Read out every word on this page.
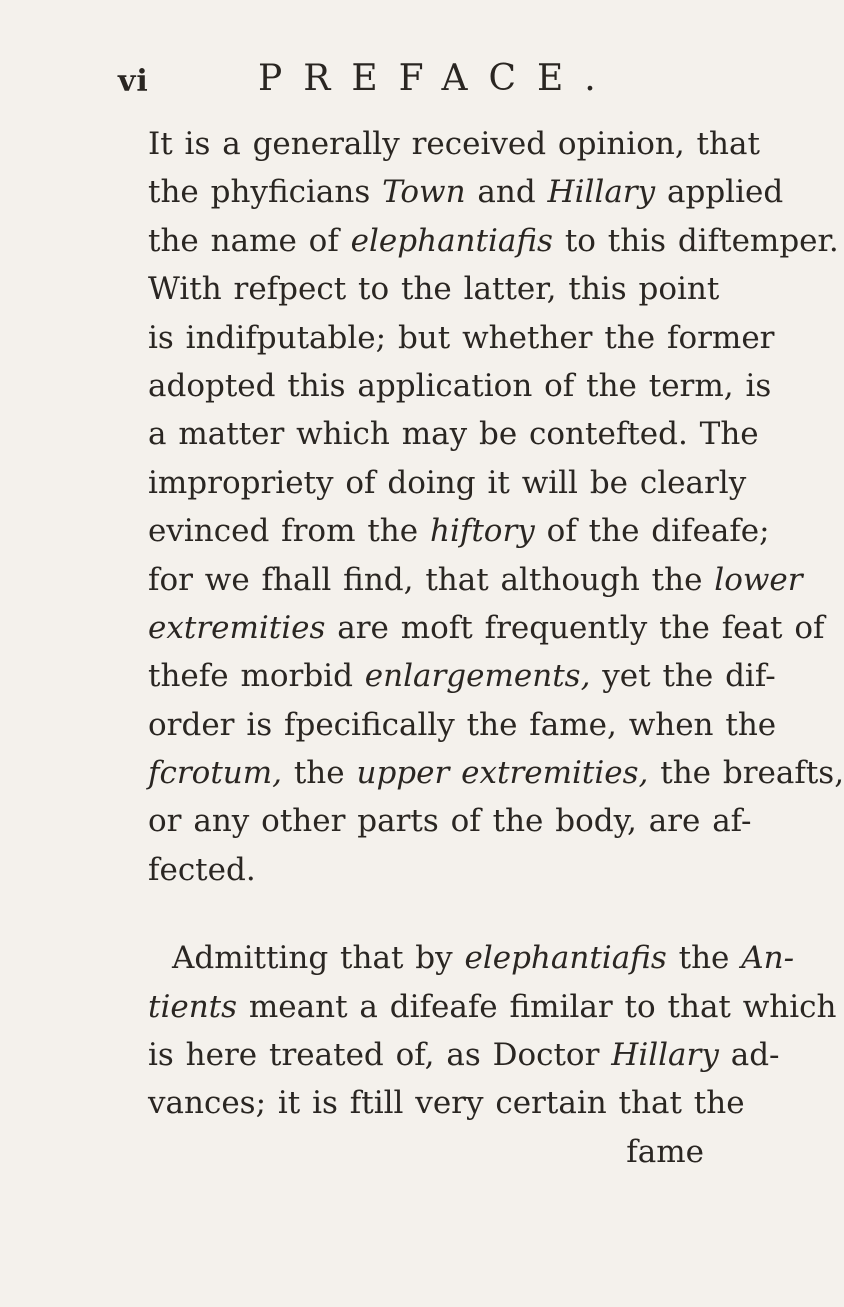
vi	PREFACE.
It is a generally received opinion, that
the phyficians Town and Hillary applied
the name of elephantiafis to this diftemper.
With refpect to the latter, this point
is indifputable; but whether the former
adopted this application of the term, is
a matter which may be contefted. The
impropriety of doing it will be clearly
evinced from the hiftory of the difeafe;
for we fhall find, that although the lower
extremities are moft frequently the feat of
thefe morbid enlargements, yet the dif-
order is fpecifically the fame, when the
fcrotum, the upper extremities, the breafts,
or any other parts of the body, are af-
fected.
Admitting that by elephantiafis the An-
tients meant a difeafe fimilar to that which
is here treated of, as Doctor Hillary ad-
vances; it is ftill very certain that the
fame
